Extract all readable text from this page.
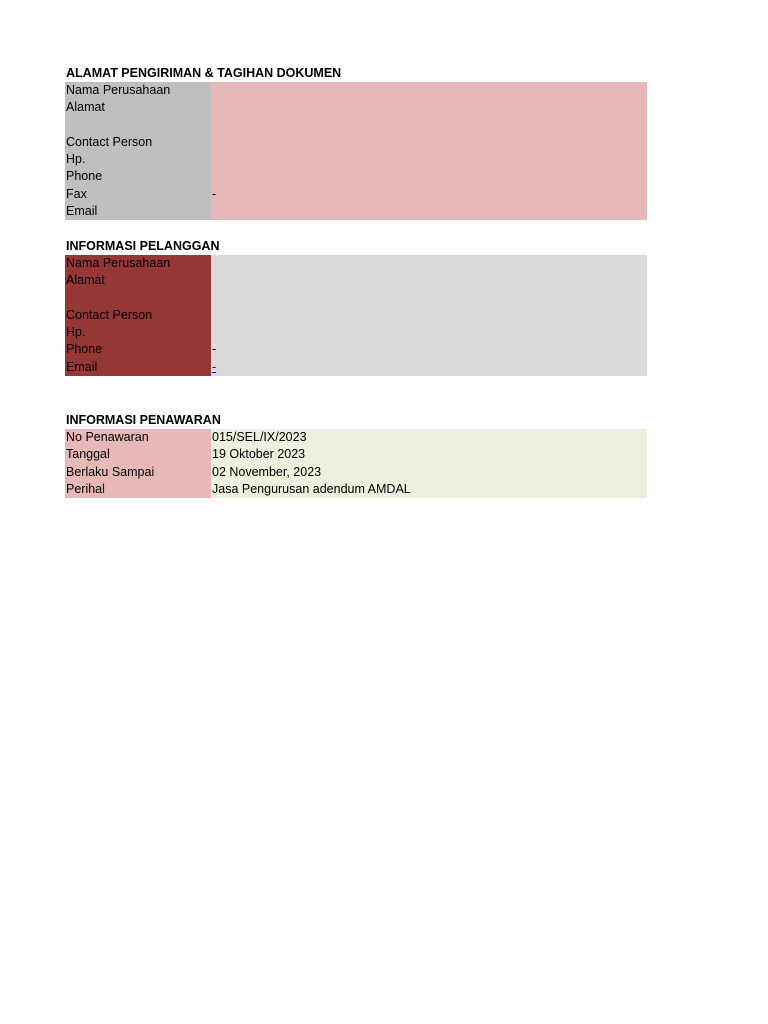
ALAMAT PENGIRIMAN & TAGIHAN DOKUMEN
Nama Perusahaan
Alamat
Contact Person
Hp.
Phone
Fax	-
Email
INFORMASI PELANGGAN
Nama Perusahaan
Alamat
Contact Person
Hp.
Phone	-
Email	-
INFORMASI PENAWARAN
No Penawaran	015/SEL/IX/2023
Tanggal	19 Oktober 2023
Berlaku Sampai	02 November, 2023
Perihal	Jasa Pengurusan adendum AMDAL
